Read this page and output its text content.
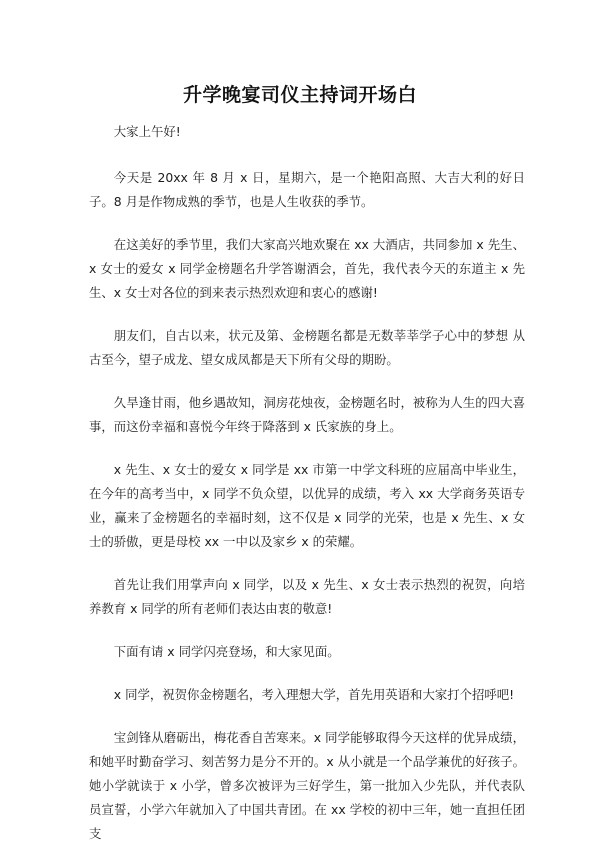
升学晚宴司仪主持词开场白

大家上午好!

今天是 20xx 年 8 月 x 日，星期六，是一个艳阳高照、大吉大利的好日子。8 月是作物成熟的季节，也是人生收获的季节。

在这美好的季节里，我们大家高兴地欢聚在 xx 大酒店，共同参加 x 先生、x 女士的爱女 x 同学金榜题名升学答谢酒会，首先，我代表今天的东道主 x 先生、x 女士对各位的到来表示热烈欢迎和衷心的感谢!

朋友们，自古以来，状元及第、金榜题名都是无数莘莘学子心中的梦想 从古至今，望子成龙、望女成凤都是天下所有父母的期盼。

久旱逢甘雨，他乡遇故知，洞房花烛夜，金榜题名时，被称为人生的四大喜事，而这份幸福和喜悦今年终于降落到 x 氏家族的身上。

x 先生、x 女士的爱女 x 同学是 xx 市第一中学文科班的应届高中毕业生，在今年的高考当中，x 同学不负众望，以优异的成绩，考入 xx 大学商务英语专业，赢来了金榜题名的幸福时刻，这不仅是 x 同学的光荣，也是 x 先生、x 女士的骄傲，更是母校 xx 一中以及家乡 x 的荣耀。

首先让我们用掌声向 x 同学，以及 x 先生、x 女士表示热烈的祝贺，向培养教育 x 同学的所有老师们表达由衷的敬意!

下面有请 x 同学闪亮登场，和大家见面。

x 同学，祝贺你金榜题名，考入理想大学，首先用英语和大家打个招呼吧!

宝剑锋从磨砺出，梅花香自苦寒来。x 同学能够取得今天这样的优异成绩，和她平时勤奋学习、刻苦努力是分不开的。x 从小就是一个品学兼优的好孩子。她小学就读于 x 小学，曾多次被评为三好学生，第一批加入少先队，并代表队员宣誓，小学六年就加入了中国共青团。在 xx 学校的初中三年，她一直担任团支
